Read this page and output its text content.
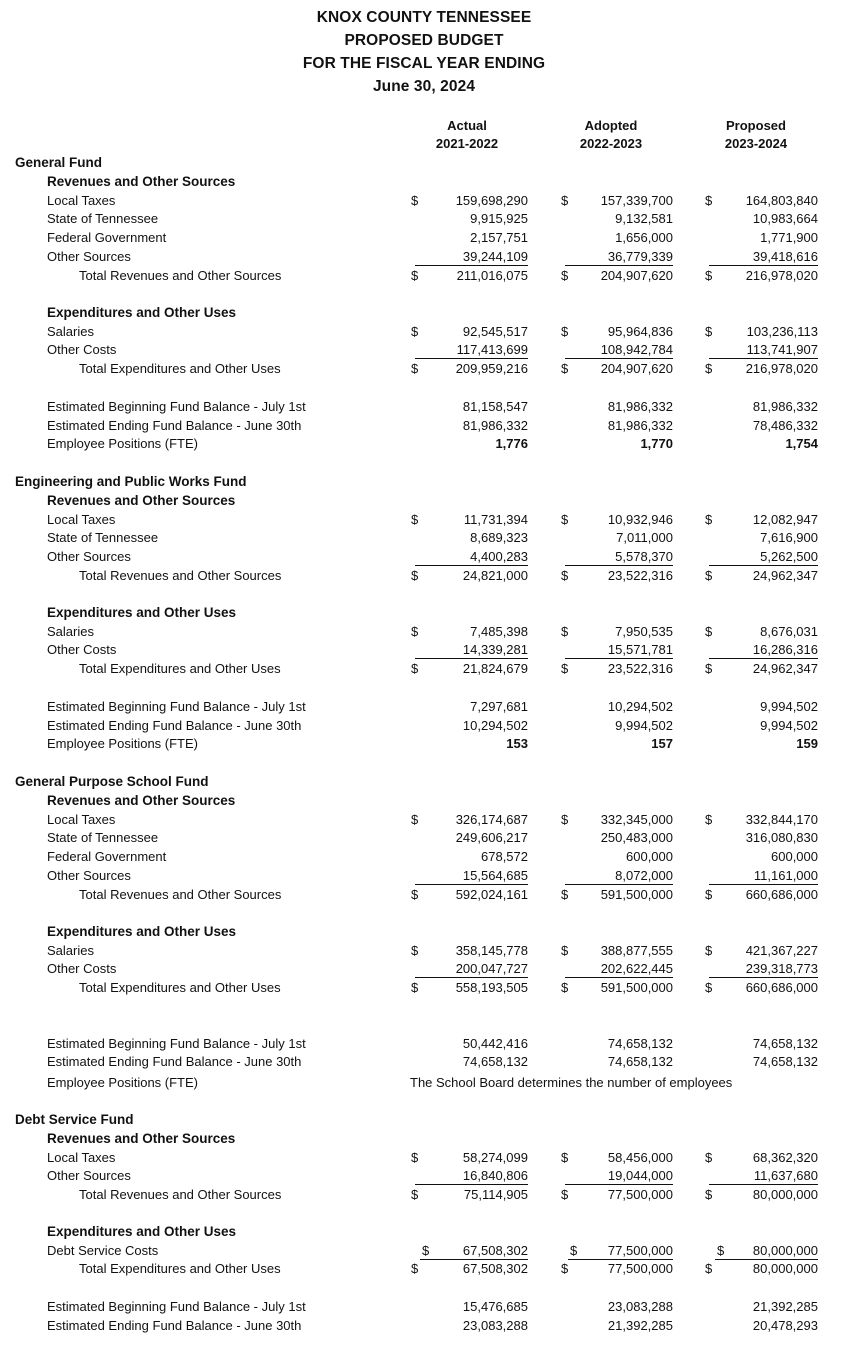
KNOX COUNTY TENNESSEE
PROPOSED BUDGET
FOR THE FISCAL YEAR ENDING
June 30, 2024
Actual
2021-2022
Adopted
2022-2023
Proposed
2023-2024
General Fund
Revenues and Other Sources
Local Taxes	$	159,698,290	$	157,339,700 $	164,803,840
State of Tennessee	9,915,925	9,132,581	10,983,664
Federal Government	2,157,751	1,656,000	1,771,900
Other Sources	39,244,109	36,779,339	39,418,616
Total Revenues and Other Sources	$	211,016,075	$	204,907,620 $	216,978,020
Expenditures and Other Uses
Salaries	$	92,545,517	$	95,964,836 $	103,236,113
Other Costs	117,413,699	108,942,784	113,741,907
Total Expenditures and Other Uses	$	209,959,216	$	204,907,620 $	216,978,020
Estimated Beginning Fund Balance - July 1st	81,158,547	81,986,332	81,986,332
Estimated Ending Fund Balance - June 30th	81,986,332	81,986,332	78,486,332
Employee Positions (FTE)	1,776	1,770	1,754
Engineering and Public Works Fund
Revenues and Other Sources
Local Taxes	$	11,731,394	$	10,932,946 $	12,082,947
State of Tennessee	8,689,323	7,011,000	7,616,900
Other Sources	4,400,283	5,578,370	5,262,500
Total Revenues and Other Sources	$	24,821,000	$	23,522,316 $	24,962,347
Expenditures and Other Uses
Salaries	$	7,485,398	$	7,950,535 $	8,676,031
Other Costs	14,339,281	15,571,781	16,286,316
Total Expenditures and Other Uses	$	21,824,679	$	23,522,316 $	24,962,347
Estimated Beginning Fund Balance - July 1st	7,297,681	10,294,502	9,994,502
Estimated Ending Fund Balance - June 30th	10,294,502	9,994,502	9,994,502
Employee Positions (FTE)	153	157	159
General Purpose School Fund
Revenues and Other Sources
Local Taxes	$	326,174,687	$	332,345,000 $	332,844,170
State of Tennessee	249,606,217	250,483,000	316,080,830
Federal Government	678,572	600,000	600,000
Other Sources	15,564,685	8,072,000	11,161,000
Total Revenues and Other Sources	$	592,024,161	$	591,500,000 $	660,686,000
Expenditures and Other Uses
Salaries	$	358,145,778	$	388,877,555 $	421,367,227
Other Costs	200,047,727	202,622,445	239,318,773
Total Expenditures and Other Uses	$	558,193,505	$	591,500,000 $	660,686,000
Estimated Beginning Fund Balance - July 1st	50,442,416	74,658,132	74,658,132
Estimated Ending Fund Balance - June 30th	74,658,132	74,658,132	74,658,132
Employee Positions (FTE)	The School Board determines the number of employees
Debt Service Fund
Revenues and Other Sources
Local Taxes	$	58,274,099	$	58,456,000 $	68,362,320
Other Sources	16,840,806	19,044,000	11,637,680
Total Revenues and Other Sources	$	75,114,905	$	77,500,000 $	80,000,000
Expenditures and Other Uses
Debt Service Costs	$	67,508,302	$	77,500,000	$	80,000,000
Total Expenditures and Other Uses	$	67,508,302	$	77,500,000 $	80,000,000
Estimated Beginning Fund Balance - July 1st	15,476,685	23,083,288	21,392,285
Estimated Ending Fund Balance - June 30th	23,083,288	21,392,285	20,478,293
